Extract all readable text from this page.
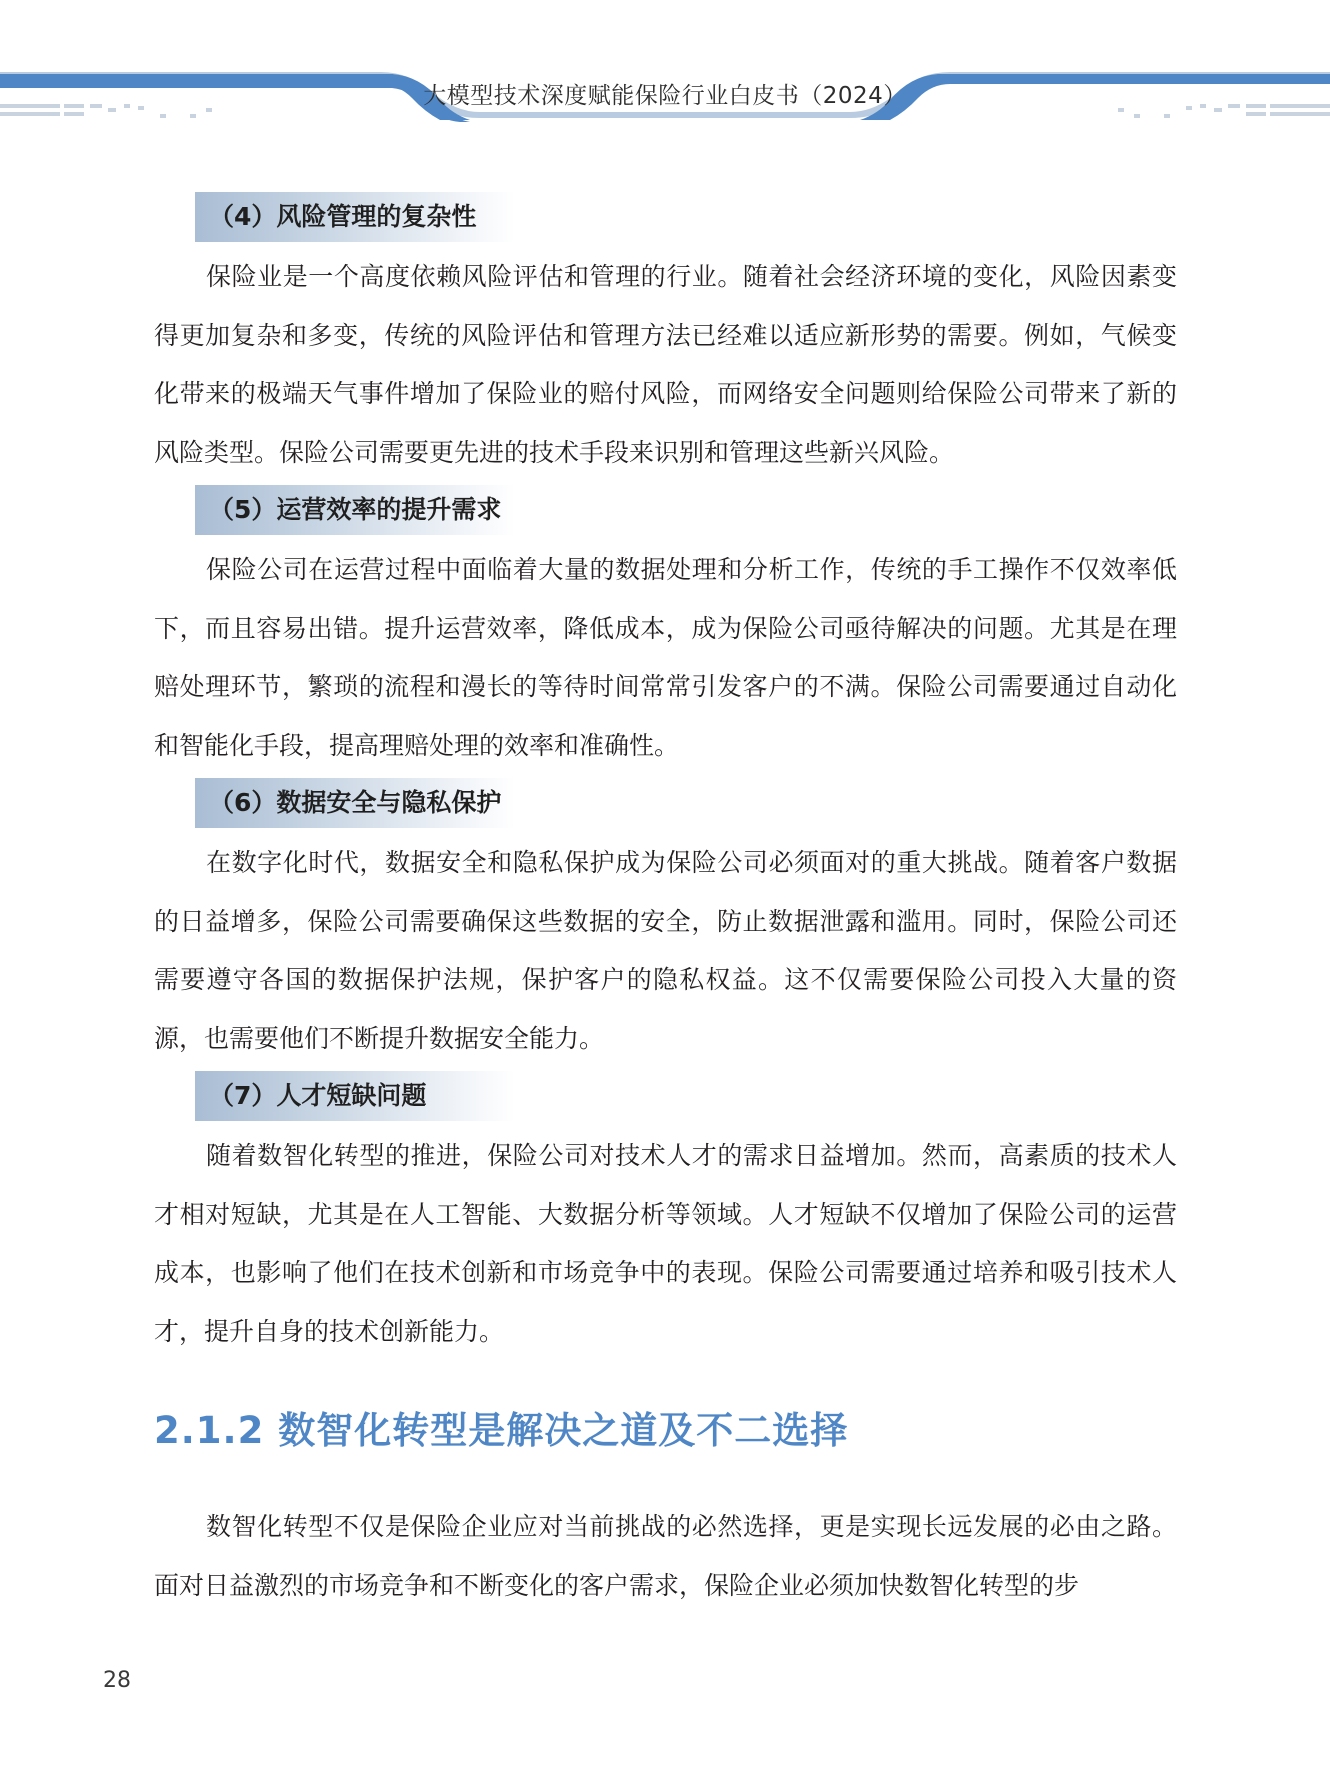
大模型技术深度赋能保险行业白皮书（2024）
（4）风险管理的复杂性

保险业是一个高度依赖风险评估和管理的行业。随着社会经济环境的变化，风险因素变得更加复杂和多变，传统的风险评估和管理方法已经难以适应新形势的需要。例如，气候变化带来的极端天气事件增加了保险业的赔付风险，而网络安全问题则给保险公司带来了新的风险类型。保险公司需要更先进的技术手段来识别和管理这些新兴风险。

（5）运营效率的提升需求

保险公司在运营过程中面临着大量的数据处理和分析工作，传统的手工操作不仅效率低下，而且容易出错。提升运营效率，降低成本，成为保险公司亟待解决的问题。尤其是在理赔处理环节，繁琐的流程和漫长的等待时间常常引发客户的不满。保险公司需要通过自动化和智能化手段，提高理赔处理的效率和准确性。

（6）数据安全与隐私保护

在数字化时代，数据安全和隐私保护成为保险公司必须面对的重大挑战。随着客户数据的日益增多，保险公司需要确保这些数据的安全，防止数据泄露和滥用。同时，保险公司还需要遵守各国的数据保护法规，保护客户的隐私权益。这不仅需要保险公司投入大量的资源，也需要他们不断提升数据安全能力。

（7）人才短缺问题

随着数智化转型的推进，保险公司对技术人才的需求日益增加。然而，高素质的技术人才相对短缺，尤其是在人工智能、大数据分析等领域。人才短缺不仅增加了保险公司的运营成本，也影响了他们在技术创新和市场竞争中的表现。保险公司需要通过培养和吸引技术人才，提升自身的技术创新能力。

2.1.2 数智化转型是解决之道及不二选择

数智化转型不仅是保险企业应对当前挑战的必然选择，更是实现长远发展的必由之路。面对日益激烈的市场竞争和不断变化的客户需求，保险企业必须加快数智化转型的步

28
